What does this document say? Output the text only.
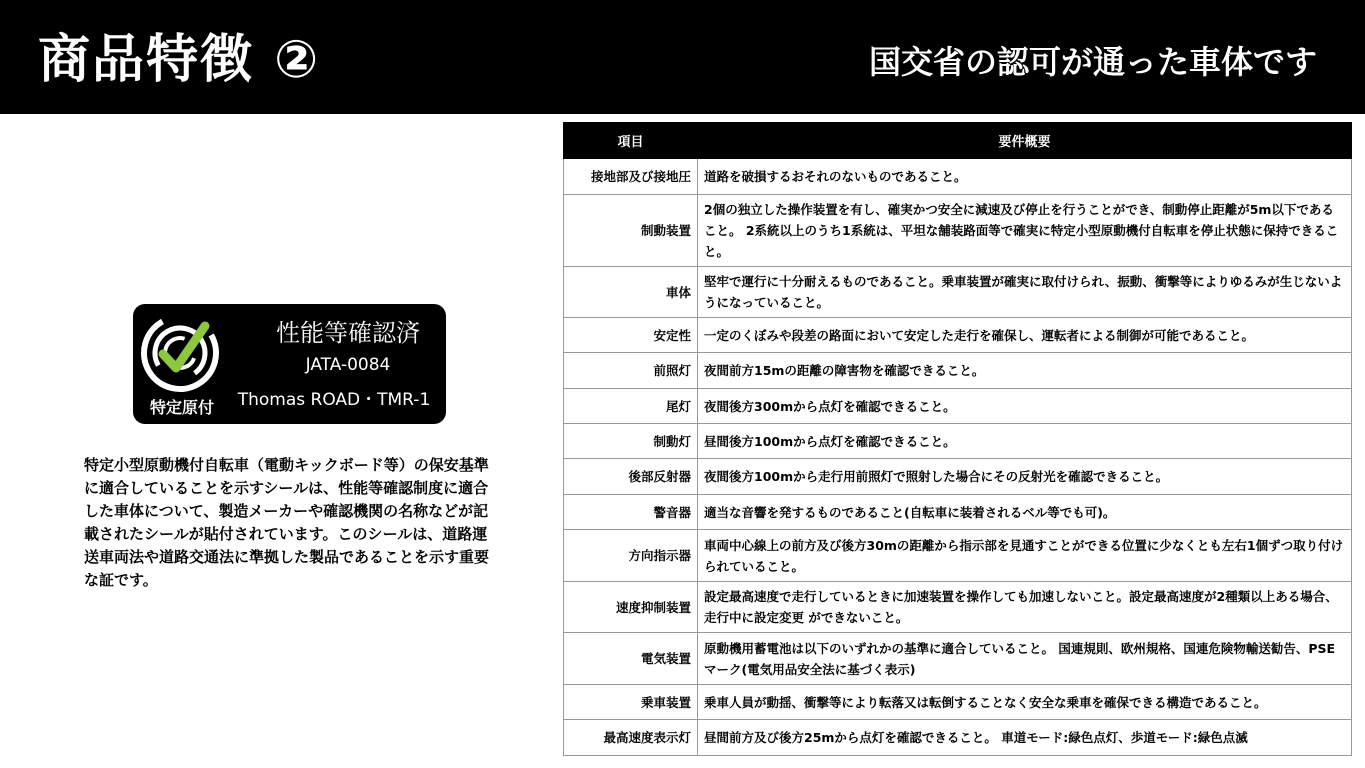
商品特徴 ②	国交省の認可が通った車体です
性能等確認済
JATA-0084
特定原付	Thomas ROAD・TMR-1

特定小型原動機付自転車（電動キックボード等）の保安基準に適合していることを示すシールは、性能等確認制度に適合した車体について、製造メーカーや確認機関の名称などが記載されたシールが貼付されています。このシールは、道路運送車両法や道路交通法に準拠した製品であることを示す重要な証です。

項目	要件概要
接地部及び接地圧	道路を破損するおそれのないものであること。
制動装置	2個の独立した操作装置を有し、確実かつ安全に減速及び停止を行うことができ、制動停止距離が5m以下であること。 2系統以上のうち1系統は、平坦な舗装路面等で確実に特定小型原動機付自転車を停止状態に保持できること。
車体	堅牢で運行に十分耐えるものであること。乗車装置が確実に取付けられ、振動、衝撃等によりゆるみが生じないようになっていること。
安定性	一定のくぼみや段差の路面において安定した走行を確保し、運転者による制御が可能であること。
前照灯	夜間前方15mの距離の障害物を確認できること。
尾灯	夜間後方300mから点灯を確認できること。
制動灯	昼間後方100mから点灯を確認できること。
後部反射器	夜間後方100mから走行用前照灯で照射した場合にその反射光を確認できること。
警音器	適当な音響を発するものであること(自転車に装着されるベル等でも可)。
方向指示器	車両中心線上の前方及び後方30mの距離から指示部を見通すことができる位置に少なくとも左右1個ずつ取り付けられていること。
速度抑制装置	設定最高速度で走行しているときに加速装置を操作しても加速しないこと。設定最高速度が2種類以上ある場合、走行中に設定変更 ができないこと。
電気装置	原動機用蓄電池は以下のいずれかの基準に適合していること。 国連規則、欧州規格、国連危険物輸送勧告、PSEマーク(電気用品安全法に基づく表示)
乗車装置	乗車人員が動揺、衝撃等により転落又は転倒することなく安全な乗車を確保できる構造であること。
最高速度表示灯	昼間前方及び後方25mから点灯を確認できること。 車道モード:緑色点灯、歩道モード:緑色点滅
